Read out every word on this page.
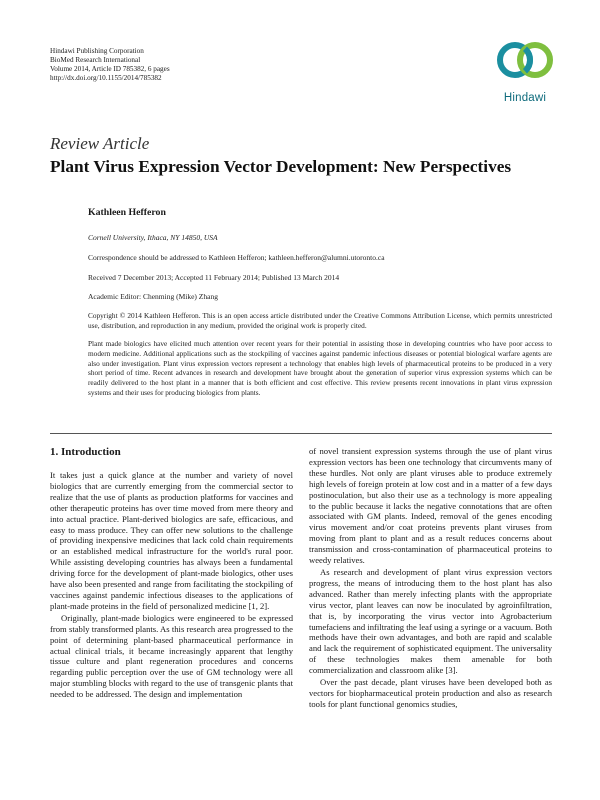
Hindawi Publishing Corporation
BioMed Research International
Volume 2014, Article ID 785382, 6 pages
http://dx.doi.org/10.1155/2014/785382
Hindawi
Review Article
Plant Virus Expression Vector Development: New Perspectives
Kathleen Hefferon
Cornell University, Ithaca, NY 14850, USA
Correspondence should be addressed to Kathleen Hefferon; kathleen.hefferon@alumni.utoronto.ca
Received 7 December 2013; Accepted 11 February 2014; Published 13 March 2014
Academic Editor: Chenming (Mike) Zhang
Copyright © 2014 Kathleen Hefferon. This is an open access article distributed under the Creative Commons Attribution License, which permits unrestricted use, distribution, and reproduction in any medium, provided the original work is properly cited.
Plant made biologics have elicited much attention over recent years for their potential in assisting those in developing countries who have poor access to modern medicine. Additional applications such as the stockpiling of vaccines against pandemic infectious diseases or potential biological warfare agents are also under investigation. Plant virus expression vectors represent a technology that enables high levels of pharmaceutical proteins to be produced in a very short period of time. Recent advances in research and development have brought about the generation of superior virus expression systems which can be readily delivered to the host plant in a manner that is both efficient and cost effective. This review presents recent innovations in plant virus expression systems and their uses for producing biologics from plants.
1. Introduction

It takes just a quick glance at the number and variety of novel biologics that are currently emerging from the commercial sector to realize that the use of plants as production platforms for vaccines and other therapeutic proteins has over time moved from mere theory and into actual practice. Plant-derived biologics are safe, efficacious, and easy to mass produce. They can offer new solutions to the challenge of providing inexpensive medicines that lack cold chain requirements or an established medical infrastructure for the world's rural poor. While assisting developing countries has always been a fundamental driving force for the development of plant-made biologics, other uses have also been presented and range from facilitating the stockpiling of vaccines against pandemic infectious diseases to the applications of plant-made proteins in the field of personalized medicine [1, 2].

Originally, plant-made biologics were engineered to be expressed from stably transformed plants. As this research area progressed to the point of determining plant-based pharmaceutical performance in actual clinical trials, it became increasingly apparent that lengthy tissue culture and plant regeneration procedures and concerns regarding public perception over the use of GM technology were all major stumbling blocks with regard to the use of transgenic plants that needed to be addressed. The design and implementation

of novel transient expression systems through the use of plant virus expression vectors has been one technology that circumvents many of these hurdles. Not only are plant viruses able to produce extremely high levels of foreign protein at low cost and in a matter of a few days postinoculation, but also their use as a technology is more appealing to the public because it lacks the negative connotations that are often associated with GM plants. Indeed, removal of the genes encoding virus movement and/or coat proteins prevents plant viruses from moving from plant to plant and as a result reduces concerns about transmission and cross-contamination of pharmaceutical proteins to weedy relatives.

As research and development of plant virus expression vectors progress, the means of introducing them to the host plant has also advanced. Rather than merely infecting plants with the appropriate virus vector, plant leaves can now be inoculated by agroinfiltration, that is, by incorporating the virus vector into Agrobacterium tumefaciens and infiltrating the leaf using a syringe or a vacuum. Both methods have their own advantages, and both are rapid and scalable and lack the requirement of sophisticated equipment. The universality of these technologies makes them amenable for both commercialization and classroom alike [3].

Over the past decade, plant viruses have been developed both as vectors for biopharmaceutical protein production and also as research tools for plant functional genomics studies,
